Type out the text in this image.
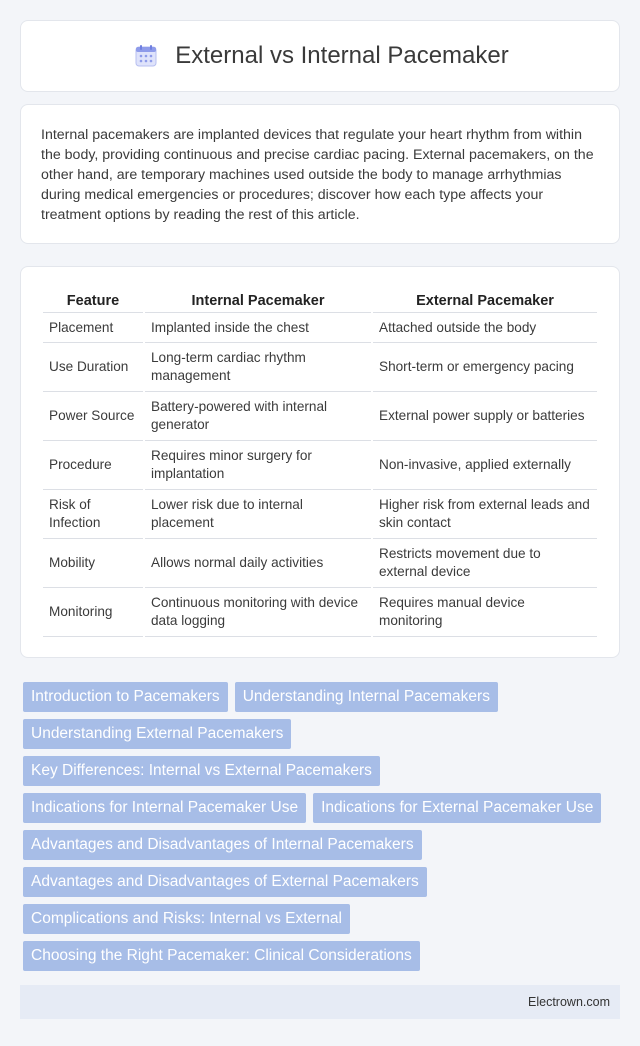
External vs Internal Pacemaker

Internal pacemakers are implanted devices that regulate your heart rhythm from within the body, providing continuous and precise cardiac pacing. External pacemakers, on the other hand, are temporary machines used outside the body to manage arrhythmias during medical emergencies or procedures; discover how each type affects your treatment options by reading the rest of this article.

Feature	Internal Pacemaker	External Pacemaker
Placement	Implanted inside the chest	Attached outside the body
Use Duration	Long-term cardiac rhythm management	Short-term or emergency pacing
Power Source	Battery-powered with internal generator	External power supply or batteries
Procedure	Requires minor surgery for implantation	Non-invasive, applied externally
Risk of Infection	Lower risk due to internal placement	Higher risk from external leads and skin contact
Mobility	Allows normal daily activities	Restricts movement due to external device
Monitoring	Continuous monitoring with device data logging	Requires manual device monitoring
Introduction to Pacemakers	Understanding Internal Pacemakers
Understanding External Pacemakers
Key Differences: Internal vs External Pacemakers
Indications for Internal Pacemaker Use	Indications for External Pacemaker Use
Advantages and Disadvantages of Internal Pacemakers
Advantages and Disadvantages of External Pacemakers
Complications and Risks: Internal vs External
Choosing the Right Pacemaker: Clinical Considerations
Electrown.com
